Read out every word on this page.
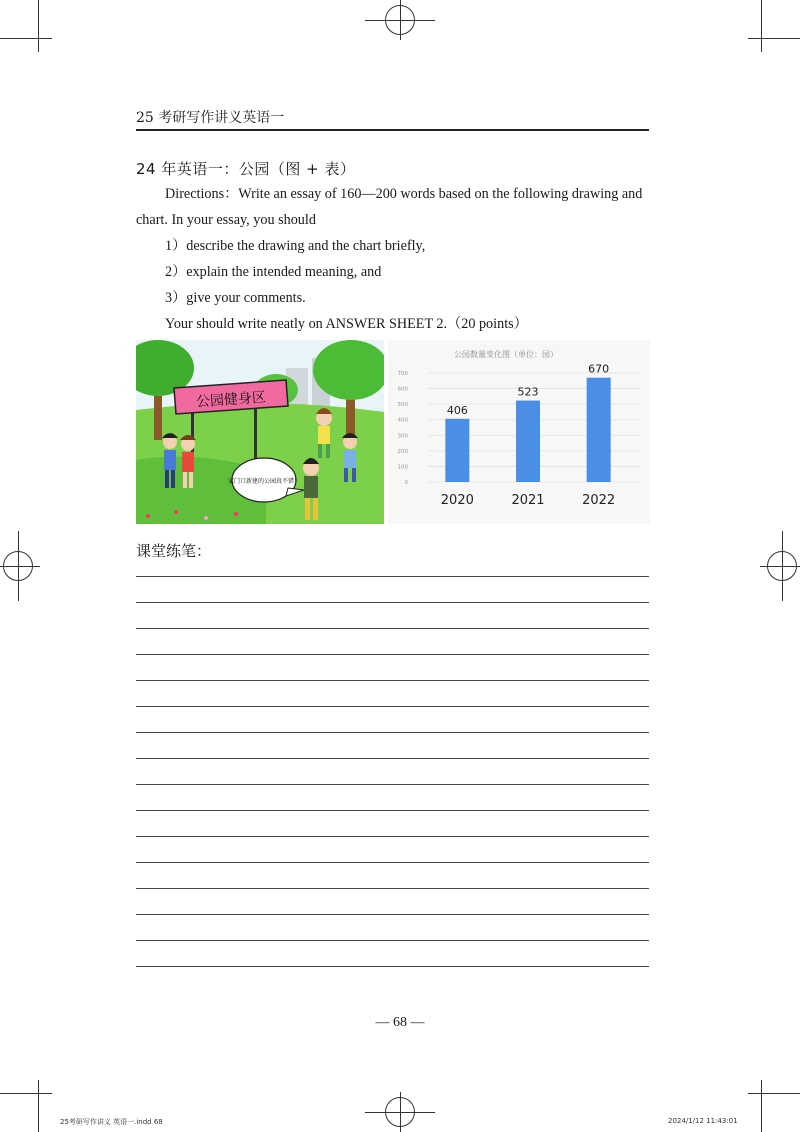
25 考研写作讲义英语一
24 年英语一：公园（图 + 表）
Directions：Write an essay of 160—200 words based on the following drawing and
chart. In your essay, you should
1）describe the drawing and the chart briefly,
2）explain the intended meaning, and
3）give your comments.
Your should write neatly on ANSWER SHEET 2.（20 points）
公园健身区
家门口新建的公园真不错！
公园数量变化图（单位：园）
0
100
200
300
400
500
600
700
406
523
670
2020	2021	2022
课堂练笔：
— 68 —
25考研写作讲义 英语一.indd 68	2024/1/12 11:43:01
